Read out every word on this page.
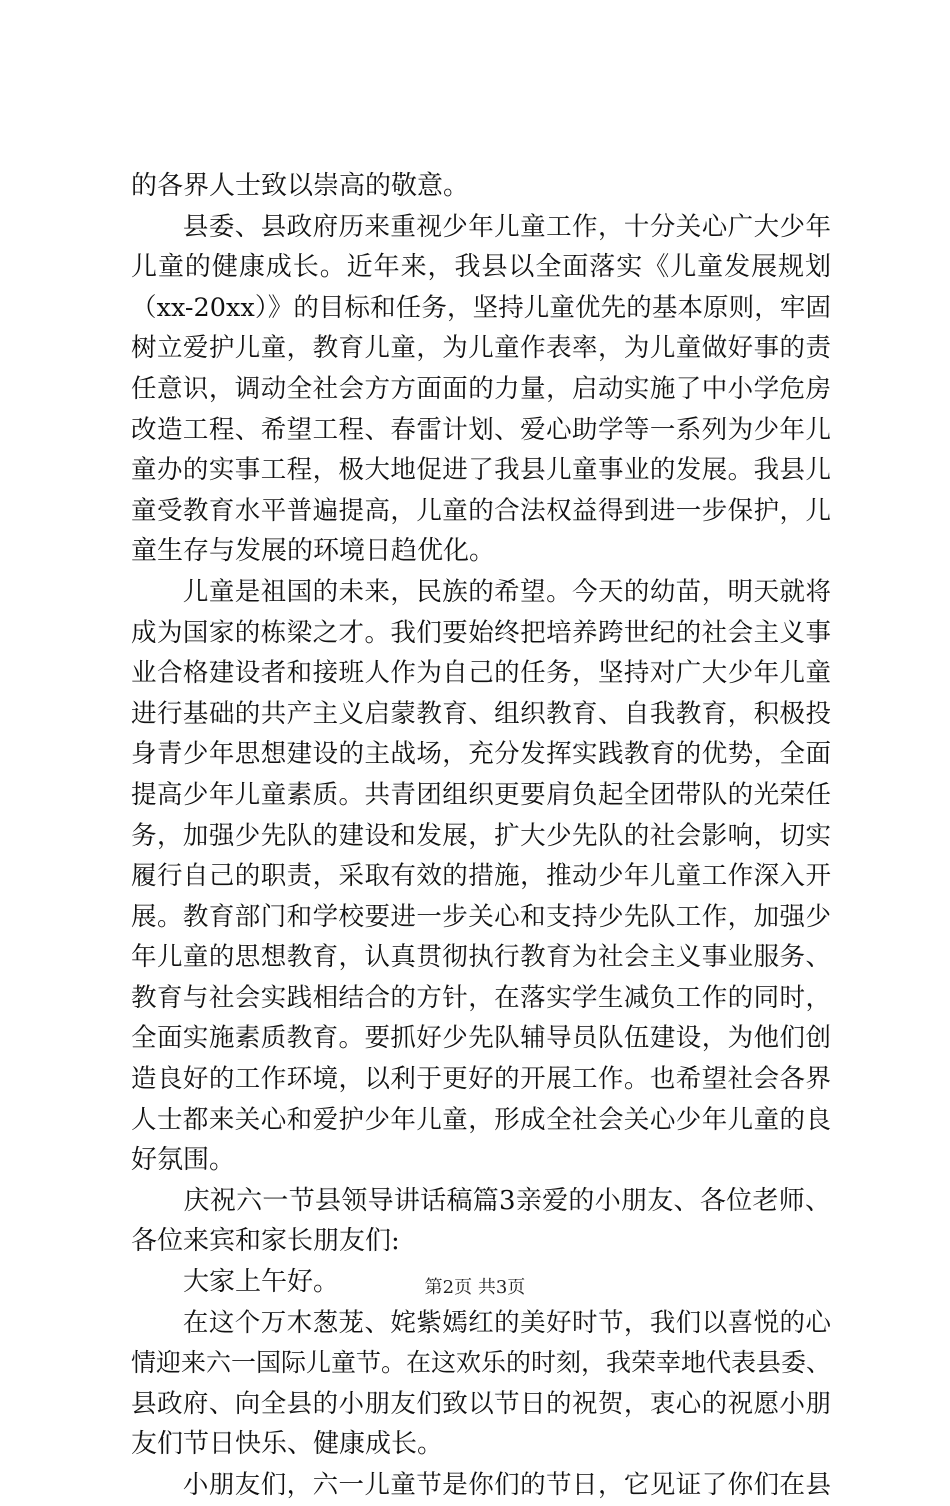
的各界人士致以崇高的敬意。
　　县委、县政府历来重视少年儿童工作，十分关心广大少年
儿童的健康成长。近年来，我县以全面落实《儿童发展规划
（xx-20xx）》的目标和任务，坚持儿童优先的基本原则，牢固
树立爱护儿童，教育儿童，为儿童作表率，为儿童做好事的责
任意识，调动全社会方方面面的力量，启动实施了中小学危房
改造工程、希望工程、春雷计划、爱心助学等一系列为少年儿
童办的实事工程，极大地促进了我县儿童事业的发展。我县儿
童受教育水平普遍提高，儿童的合法权益得到进一步保护，儿
童生存与发展的环境日趋优化。
　　儿童是祖国的未来，民族的希望。今天的幼苗，明天就将
成为国家的栋梁之才。我们要始终把培养跨世纪的社会主义事
业合格建设者和接班人作为自己的任务，坚持对广大少年儿童
进行基础的共产主义启蒙教育、组织教育、自我教育，积极投
身青少年思想建设的主战场，充分发挥实践教育的优势，全面
提高少年儿童素质。共青团组织更要肩负起全团带队的光荣任
务，加强少先队的建设和发展，扩大少先队的社会影响，切实
履行自己的职责，采取有效的措施，推动少年儿童工作深入开
展。教育部门和学校要进一步关心和支持少先队工作，加强少
年儿童的思想教育，认真贯彻执行教育为社会主义事业服务、
教育与社会实践相结合的方针，在落实学生减负工作的同时，
全面实施素质教育。要抓好少先队辅导员队伍建设，为他们创
造良好的工作环境，以利于更好的开展工作。也希望社会各界
人士都来关心和爱护少年儿童，形成全社会关心少年儿童的良
好氛围。
　　庆祝六一节县领导讲话稿篇3亲爱的小朋友、各位老师、
各位来宾和家长朋友们:
　　大家上午好。
　　在这个万木葱茏、姹紫嫣红的美好时节，我们以喜悦的心
情迎来六一国际儿童节。在这欢乐的时刻，我荣幸地代表县委、
县政府、向全县的小朋友们致以节日的祝贺，衷心的祝愿小朋
友们节日快乐、健康成长。
　　小朋友们，六一儿童节是你们的节日，它见证了你们在县
第2页 共3页
